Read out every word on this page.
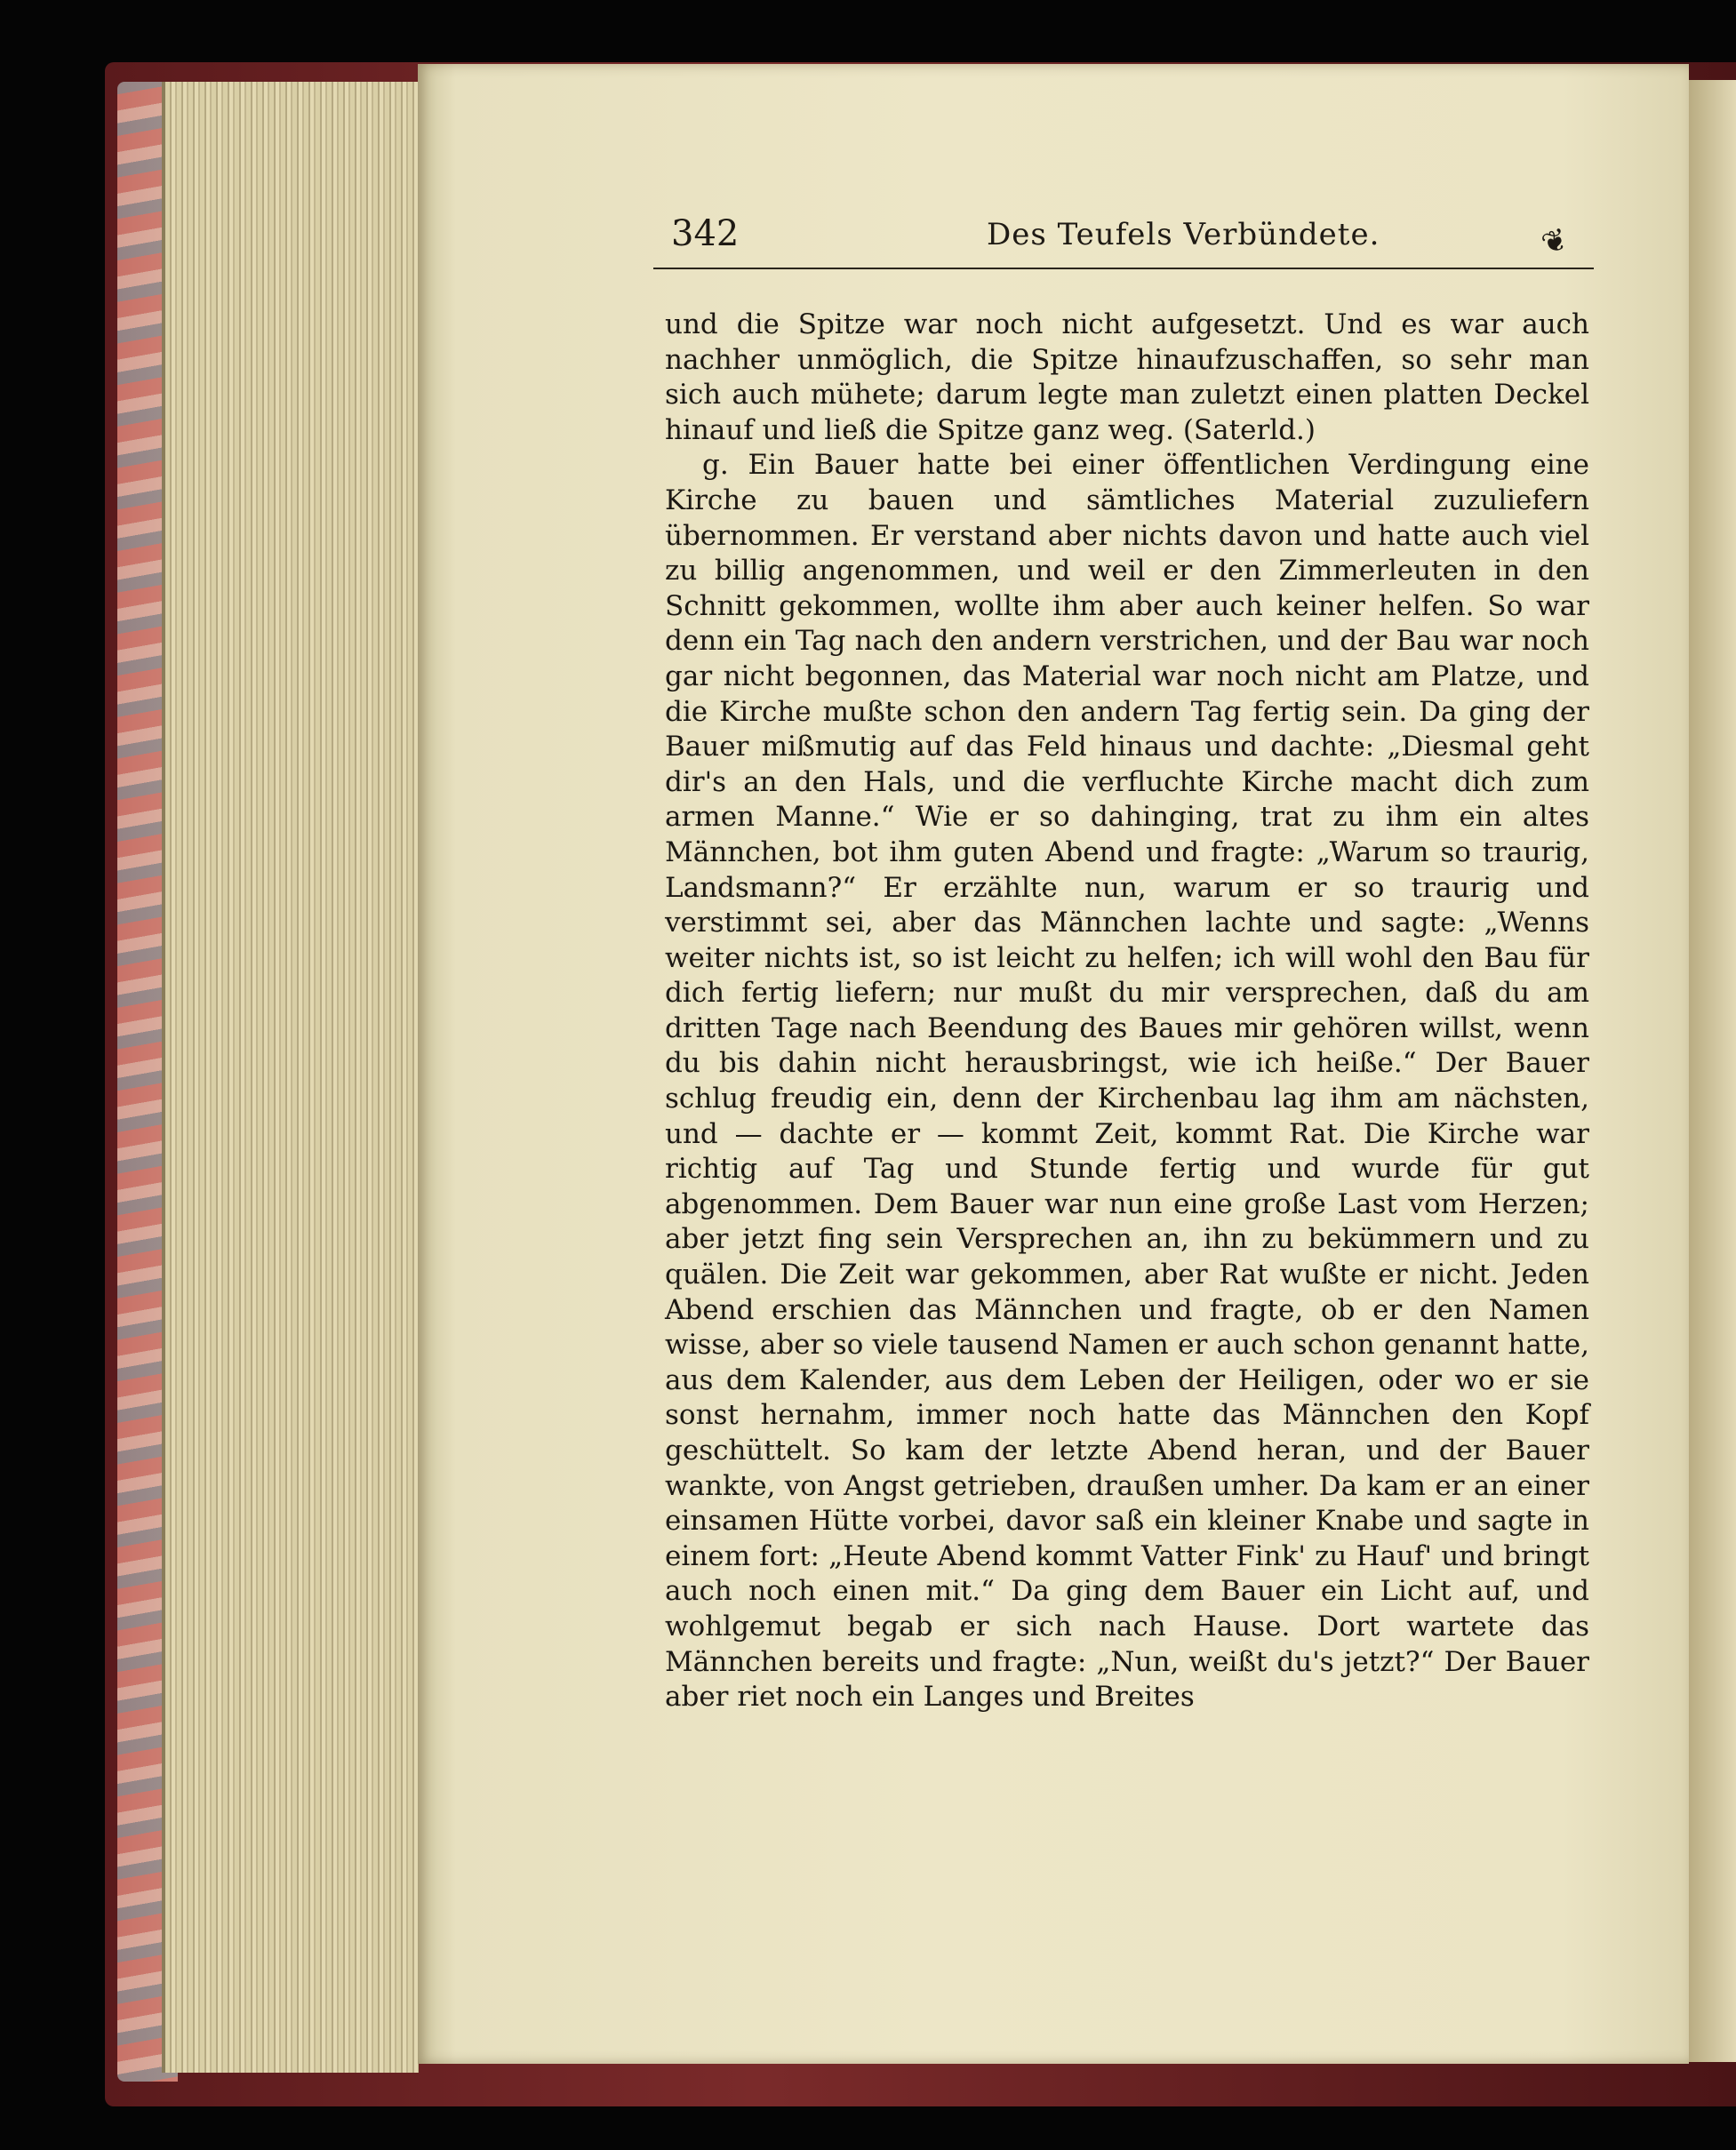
342	Des Teufels Verbündete.	❦

und die Spitze war noch nicht aufgesetzt. Und es war auch nachher unmöglich, die Spitze hinaufzuschaffen, so sehr man sich auch mühete; darum legte man zuletzt einen platten Deckel hinauf und ließ die Spitze ganz weg. (Saterld.)

g. Ein Bauer hatte bei einer öffentlichen Verdingung eine Kirche zu bauen und sämtliches Material zuzuliefern übernommen. Er verstand aber nichts davon und hatte auch viel zu billig angenommen, und weil er den Zimmerleuten in den Schnitt gekommen, wollte ihm aber auch keiner helfen. So war denn ein Tag nach den andern verstrichen, und der Bau war noch gar nicht begonnen, das Material war noch nicht am Platze, und die Kirche mußte schon den andern Tag fertig sein. Da ging der Bauer mißmutig auf das Feld hinaus und dachte: „Diesmal geht dir's an den Hals, und die verfluchte Kirche macht dich zum armen Manne.“ Wie er so dahinging, trat zu ihm ein altes Männchen, bot ihm guten Abend und fragte: „Warum so traurig, Landsmann?“ Er erzählte nun, warum er so traurig und verstimmt sei, aber das Männchen lachte und sagte: „Wenns weiter nichts ist, so ist leicht zu helfen; ich will wohl den Bau für dich fertig liefern; nur mußt du mir versprechen, daß du am dritten Tage nach Beendung des Baues mir gehören willst, wenn du bis dahin nicht herausbringst, wie ich heiße.“ Der Bauer schlug freudig ein, denn der Kirchenbau lag ihm am nächsten, und — dachte er — kommt Zeit, kommt Rat. Die Kirche war richtig auf Tag und Stunde fertig und wurde für gut abgenommen. Dem Bauer war nun eine große Last vom Herzen; aber jetzt fing sein Versprechen an, ihn zu bekümmern und zu quälen. Die Zeit war gekommen, aber Rat wußte er nicht. Jeden Abend erschien das Männchen und fragte, ob er den Namen wisse, aber so viele tausend Namen er auch schon genannt hatte, aus dem Kalender, aus dem Leben der Heiligen, oder wo er sie sonst hernahm, immer noch hatte das Männchen den Kopf geschüttelt. So kam der letzte Abend heran, und der Bauer wankte, von Angst getrieben, draußen umher. Da kam er an einer einsamen Hütte vorbei, davor saß ein kleiner Knabe und sagte in einem fort: „Heute Abend kommt Vatter Fink' zu Hauf' und bringt auch noch einen mit.“ Da ging dem Bauer ein Licht auf, und wohlgemut begab er sich nach Hause. Dort wartete das Männchen bereits und fragte: „Nun, weißt du's jetzt?“ Der Bauer aber riet noch ein Langes und Breites
